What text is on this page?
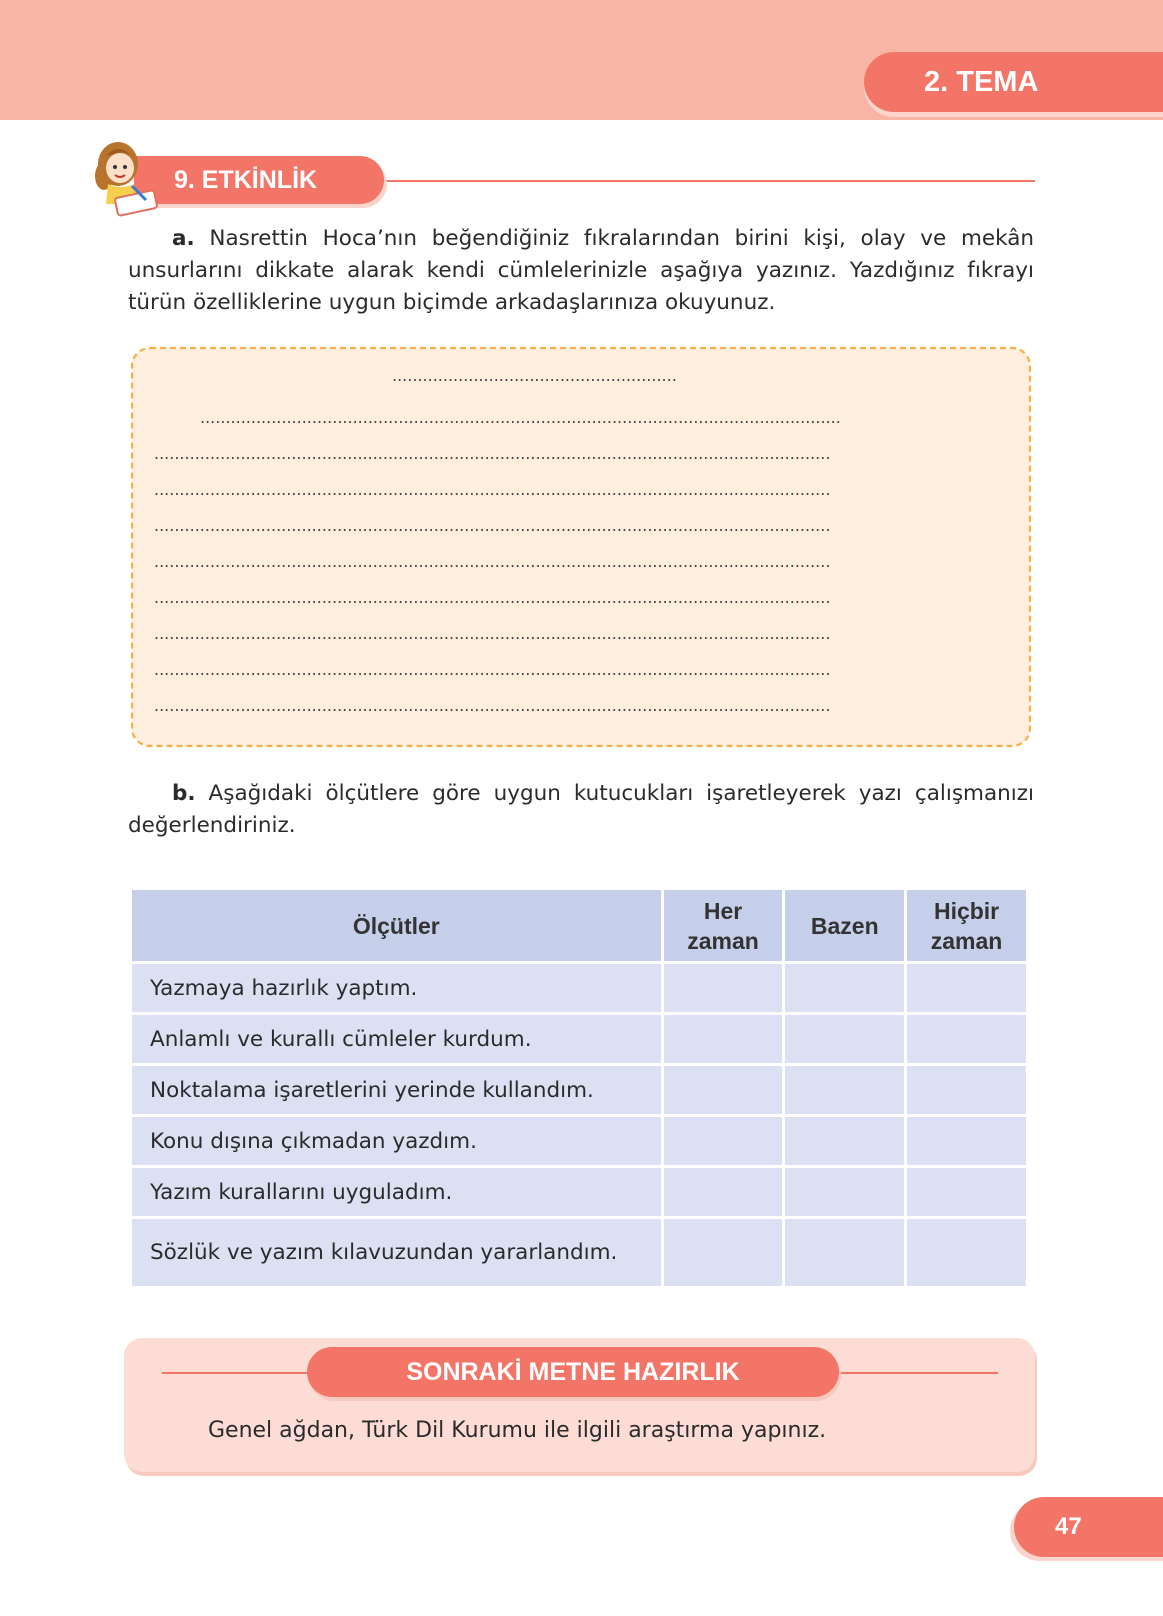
2. TEMA
9. ETKİNLİK

a. Nasrettin Hoca’nın beğendiğiniz fıkralarından birini kişi, olay ve mekân unsurlarını dikkate alarak kendi cümlelerinizle aşağıya yazınız. Yazdığınız fıkrayı türün özelliklerine uygun biçimde arkadaşlarınıza okuyunuz.

........................................................
..............................................................................................................................
.....................................................................................................................................
.....................................................................................................................................
.....................................................................................................................................
.....................................................................................................................................
.....................................................................................................................................
.....................................................................................................................................
.....................................................................................................................................
.....................................................................................................................................

b. Aşağıdaki ölçütlere göre uygun kutucukları işaretleyerek yazı çalışmanızı değerlendiriniz.

Ölçütler	Her zaman	Bazen	Hiçbir zaman
Yazmaya hazırlık yaptım.			
Anlamlı ve kurallı cümleler kurdum.			
Noktalama işaretlerini yerinde kullandım.			
Konu dışına çıkmadan yazdım.			
Yazım kurallarını uyguladım.			
Sözlük ve yazım kılavuzundan yararlandım.			
SONRAKİ METNE HAZIRLIK
Genel ağdan, Türk Dil Kurumu ile ilgili araştırma yapınız.
47
